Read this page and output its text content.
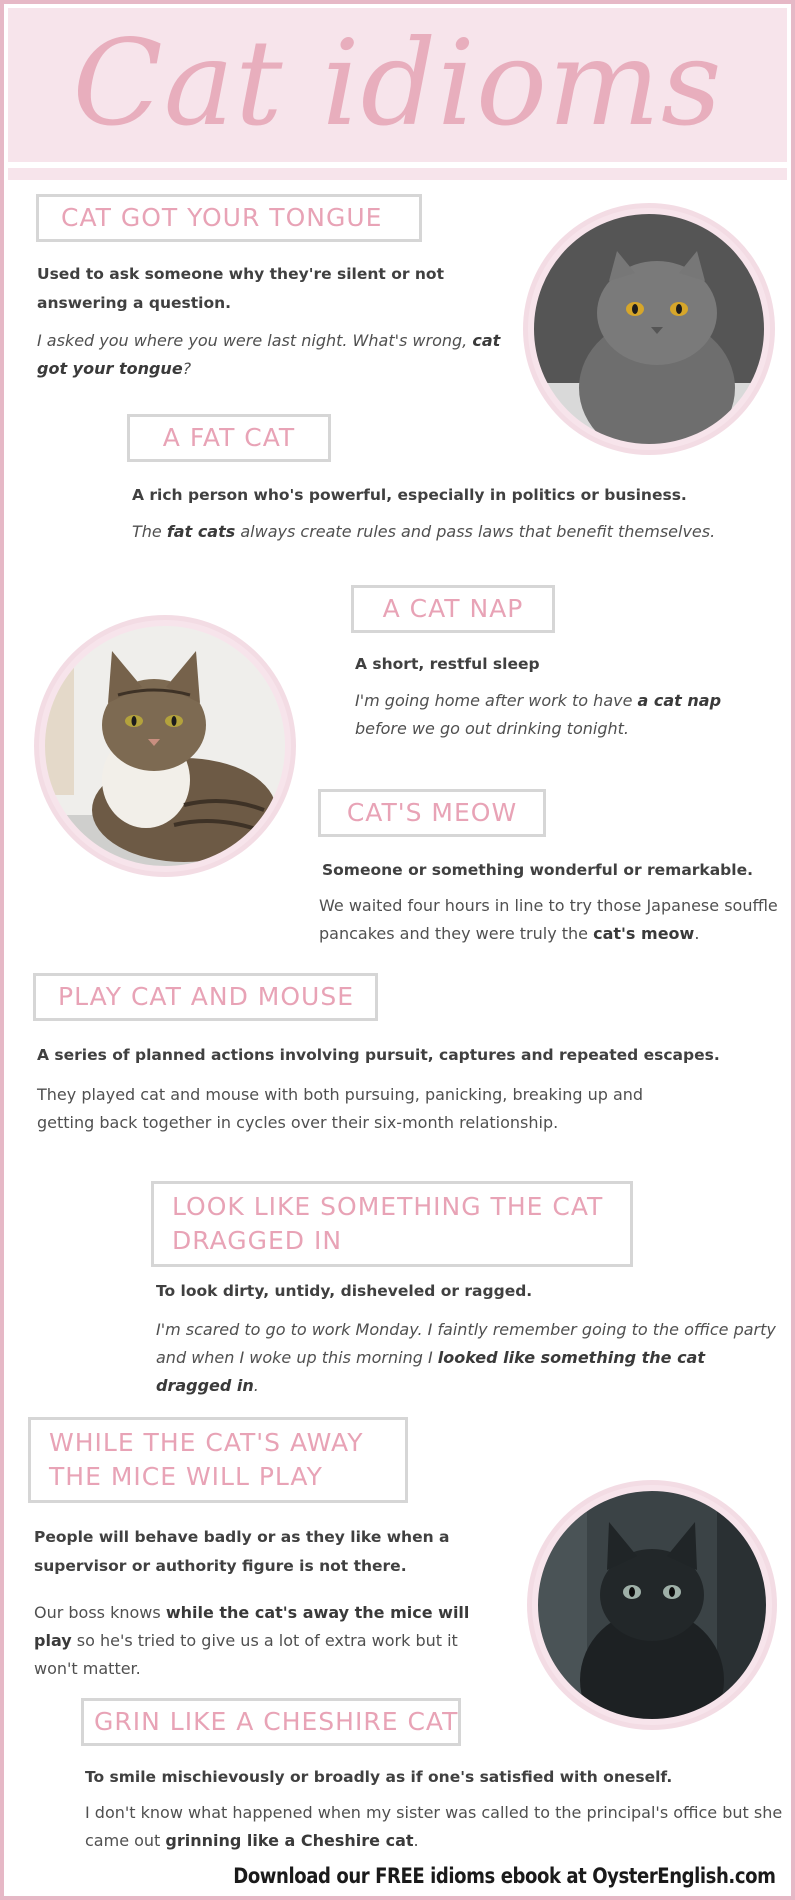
Cat idioms
CAT GOT YOUR TONGUE
Used to ask someone why they're silent or not answering a question.
I asked you where you were last night. What's wrong, cat got your tongue?
A FAT CAT
A rich person who's powerful, especially in politics or business.
The fat cats always create rules and pass laws that benefit themselves.
A CAT NAP
A short, restful sleep
I'm going home after work to have a cat nap before we go out drinking tonight.
CAT'S MEOW
Someone or something wonderful or remarkable.
We waited four hours in line to try those Japanese souffle pancakes and they were truly the cat's meow.
PLAY CAT AND MOUSE
A series of planned actions involving pursuit, captures and repeated escapes.
They played cat and mouse with both pursuing, panicking, breaking up and getting back together in cycles over their six-month relationship.
LOOK LIKE SOMETHING THE CAT
DRAGGED IN
To look dirty, untidy, disheveled or ragged.
I'm scared to go to work Monday. I faintly remember going to the office party and when I woke up this morning I looked like something the cat dragged in.
WHILE THE CAT'S AWAY
THE MICE WILL PLAY
People will behave badly or as they like when a supervisor or authority figure is not there.
Our boss knows while the cat's away the mice will play so he's tried to give us a lot of extra work but it won't matter.
GRIN LIKE A CHESHIRE CAT
To smile mischievously or broadly as if one's satisfied with oneself.
I don't know what happened when my sister was called to the principal's office but she came out grinning like a Cheshire cat.
Download our FREE idioms ebook at OysterEnglish.com
